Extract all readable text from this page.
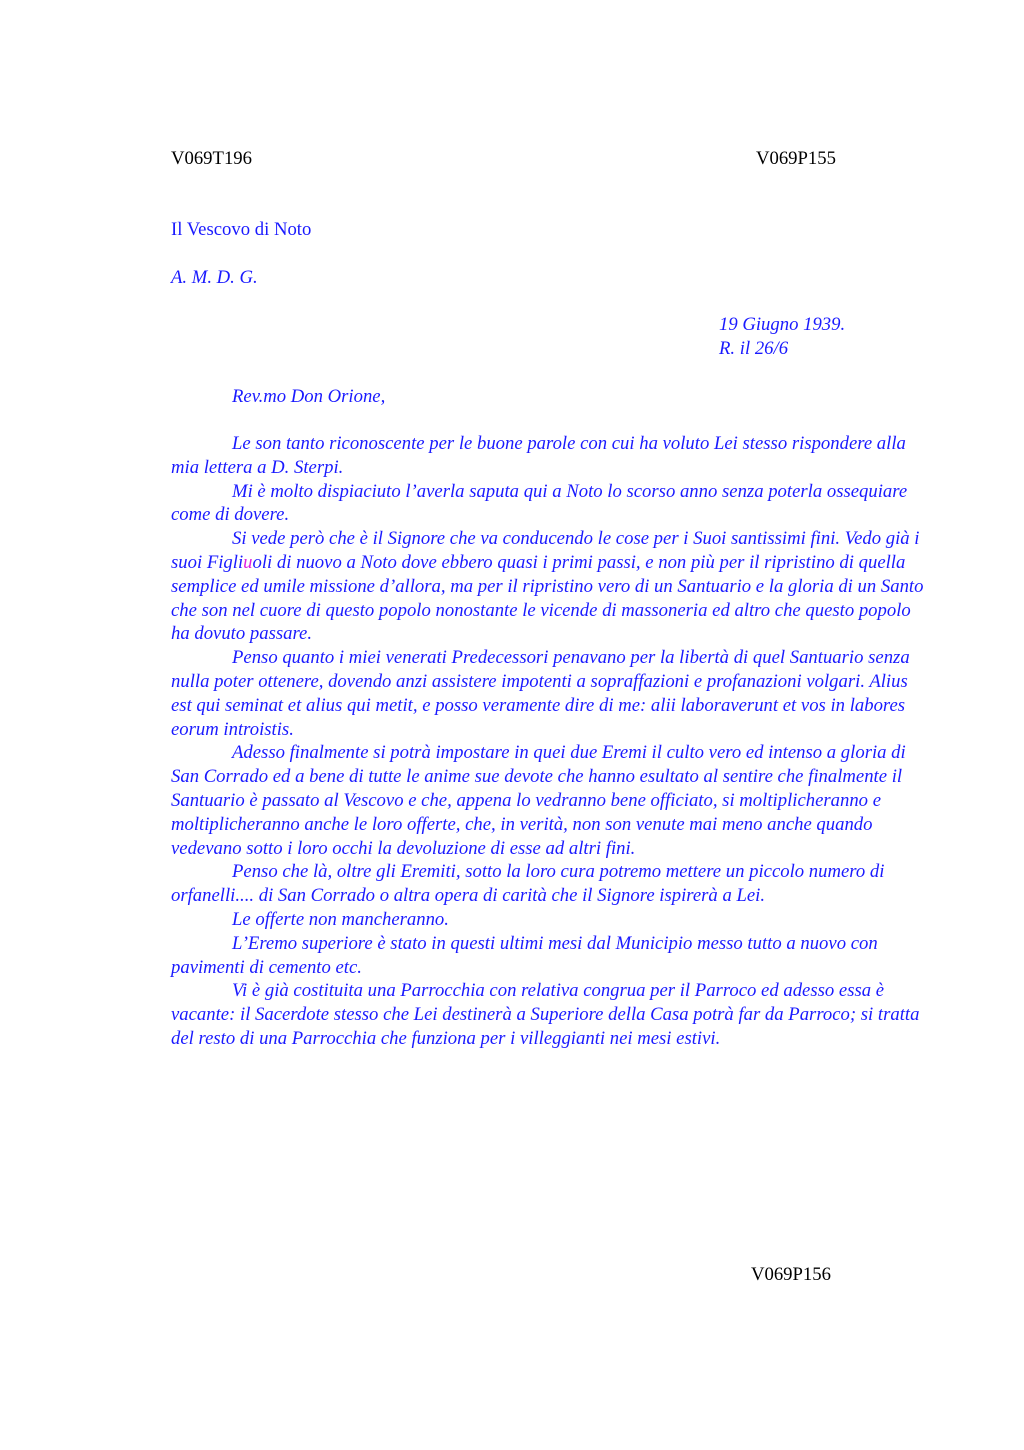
V069T196	V069P155
Il Vescovo di Noto
A. M. D. G.
19 Giugno 1939.
R. il 26/6
Rev.mo Don Orione,

Le son tanto riconoscente per le buone parole con cui ha voluto Lei stesso rispondere alla mia lettera a D. Sterpi.

Mi è molto dispiaciuto l’averla saputa qui a Noto lo scorso anno senza poterla ossequiare come di dovere.

Si vede però che è il Signore che va conducendo le cose per i Suoi santissimi fini. Vedo già i suoi Figliuoli di nuovo a Noto dove ebbero quasi i primi passi, e non più per il ripristino di quella semplice ed umile missione d’allora, ma per il ripristino vero di un Santuario e la gloria di un Santo che son nel cuore di questo popolo nonostante le vicende di massoneria ed altro che questo popolo ha dovuto passare.

Penso quanto i miei venerati Predecessori penavano per la libertà di quel Santuario senza nulla poter ottenere, dovendo anzi assistere impotenti a sopraffazioni e profanazioni volgari. Alius est qui seminat et alius qui metit, e posso veramente dire di me: alii laboraverunt et vos in labores eorum introistis.

Adesso finalmente si potrà impostare in quei due Eremi il culto vero ed intenso a gloria di San Corrado ed a bene di tutte le anime sue devote che hanno esultato al sentire che finalmente il Santuario è passato al Vescovo e che, appena lo vedranno bene officiato, si moltiplicheranno e moltiplicheranno anche le loro offerte, che, in verità, non son venute mai meno anche quando vedevano sotto i loro occhi la devoluzione di esse ad altri fini.

Penso che là, oltre gli Eremiti, sotto la loro cura potremo mettere un piccolo numero di orfanelli.... di San Corrado o altra opera di carità che il Signore ispirerà a Lei.

Le offerte non mancheranno.

L’Eremo superiore è stato in questi ultimi mesi dal Municipio messo tutto a nuovo con pavimenti di cemento etc.

Vi è già costituita una Parrocchia con relativa congrua per il Parroco ed adesso essa è vacante: il Sacerdote stesso che Lei destinerà a Superiore della Casa potrà far da Parroco; si tratta del resto di una Parrocchia che funziona per i villeggianti nei mesi estivi.

V069P156
